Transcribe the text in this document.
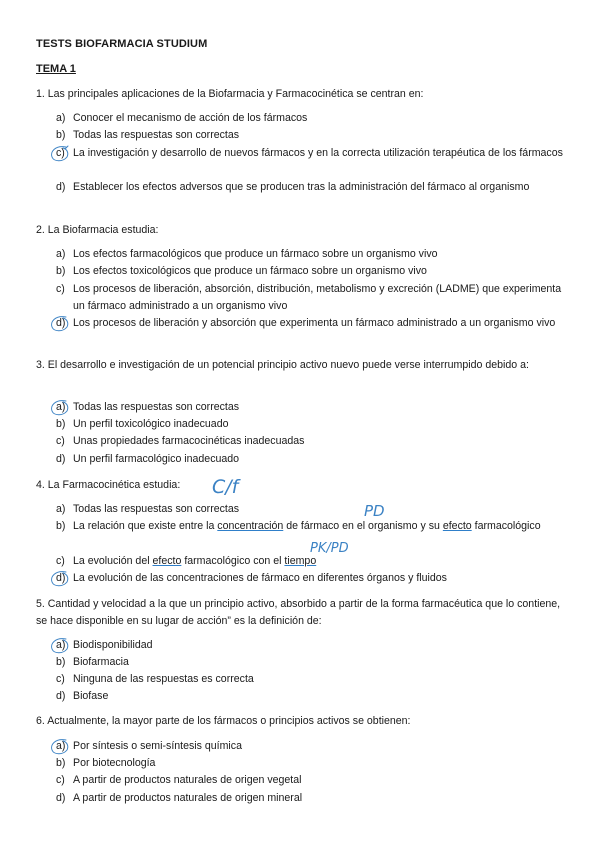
TESTS BIOFARMACIA STUDIUM
TEMA 1
1. Las principales aplicaciones de la Biofarmacia y Farmacocinética se centran en:
a) Conocer el mecanismo de acción de los fármacos
b) Todas las respuestas son correctas
c) La investigación y desarrollo de nuevos fármacos y en la correcta utilización terapéutica de los fármacos
d) Establecer los efectos adversos que se producen tras la administración del fármaco al organismo
2. La Biofarmacia estudia:
a) Los efectos farmacológicos que produce un fármaco sobre un organismo vivo
b) Los efectos toxicológicos que produce un fármaco sobre un organismo vivo
c) Los procesos de liberación, absorción, distribución, metabolismo y excreción (LADME) que experimenta un fármaco administrado a un organismo vivo
d) Los procesos de liberación y absorción que experimenta un fármaco administrado a un organismo vivo
3. El desarrollo e investigación de un potencial principio activo nuevo puede verse interrumpido debido a:
a) Todas las respuestas son correctas
b) Un perfil toxicológico inadecuado
c) Unas propiedades farmacocinéticas inadecuadas
d) Un perfil farmacológico inadecuado
4. La Farmacocinética estudia:
a) Todas las respuestas son correctas
b) La relación que existe entre la concentración de fármaco en el organismo y su efecto farmacológico
c) La evolución del efecto farmacológico con el tiempo
d) La evolución de las concentraciones de fármaco en diferentes órganos y fluidos
5. Cantidad y velocidad a la que un principio activo, absorbido a partir de la forma farmacéutica que lo contiene, se hace disponible en su lugar de acción” es la definición de:
a) Biodisponibilidad
b) Biofarmacia
c) Ninguna de las respuestas es correcta
d) Biofase
6. Actualmente, la mayor parte de los fármacos o principios activos se obtienen:
a) Por síntesis o semi-síntesis química
b) Por biotecnología
c) A partir de productos naturales de origen vegetal
d) A partir de productos naturales de origen mineral
C/f
PD
PK/PD
